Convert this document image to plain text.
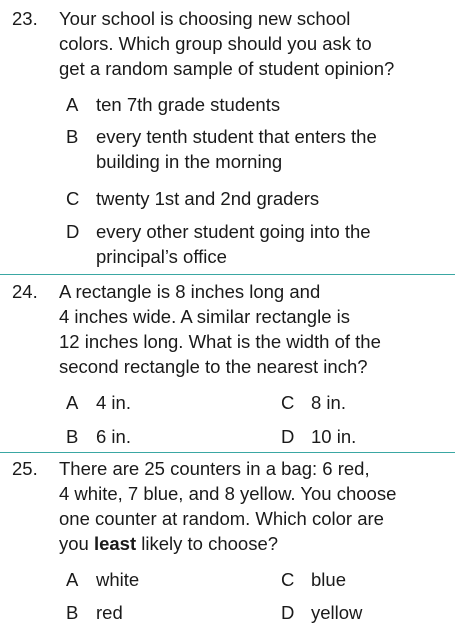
23.	Your school is choosing new school
colors. Which group should you ask to
get a random sample of student opinion?
A ten 7th grade students
B every tenth student that enters the
building in the morning
C twenty 1st and 2nd graders
D every other student going into the
principal’s office
24.	A rectangle is 8 inches long and
4 inches wide. A similar rectangle is
12 inches long. What is the width of the
second rectangle to the nearest inch?
A 4 in.	C 8 in.
B 6 in.	D 10 in.
25.	There are 25 counters in a bag: 6 red,
4 white, 7 blue, and 8 yellow. You choose
one counter at random. Which color are
you least likely to choose?
A white	C blue
B red	D yellow
